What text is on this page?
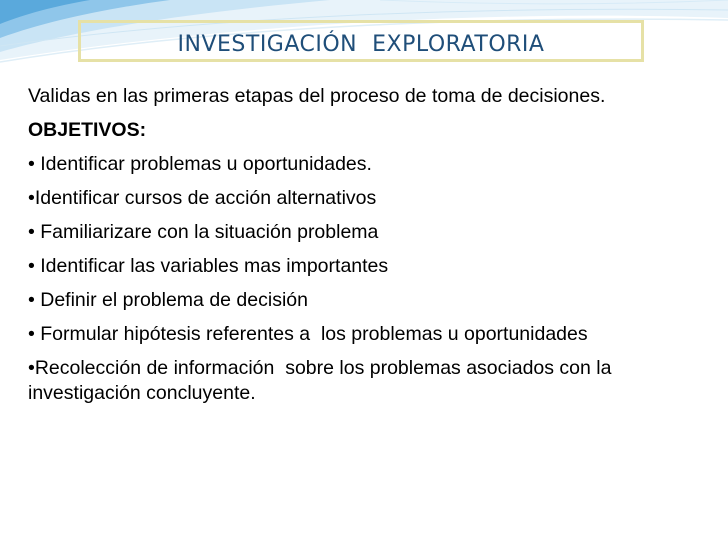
INVESTIGACIÓN  EXPLORATORIA

Validas en las primeras etapas del proceso de toma de decisiones.

OBJETIVOS:

• Identificar problemas u oportunidades.

•Identificar cursos de acción alternativos

• Familiarizare con la situación problema

• Identificar las variables mas importantes

• Definir el problema de decisión

• Formular hipótesis referentes a  los problemas u oportunidades

•Recolección de información  sobre los problemas asociados con la investigación concluyente.
